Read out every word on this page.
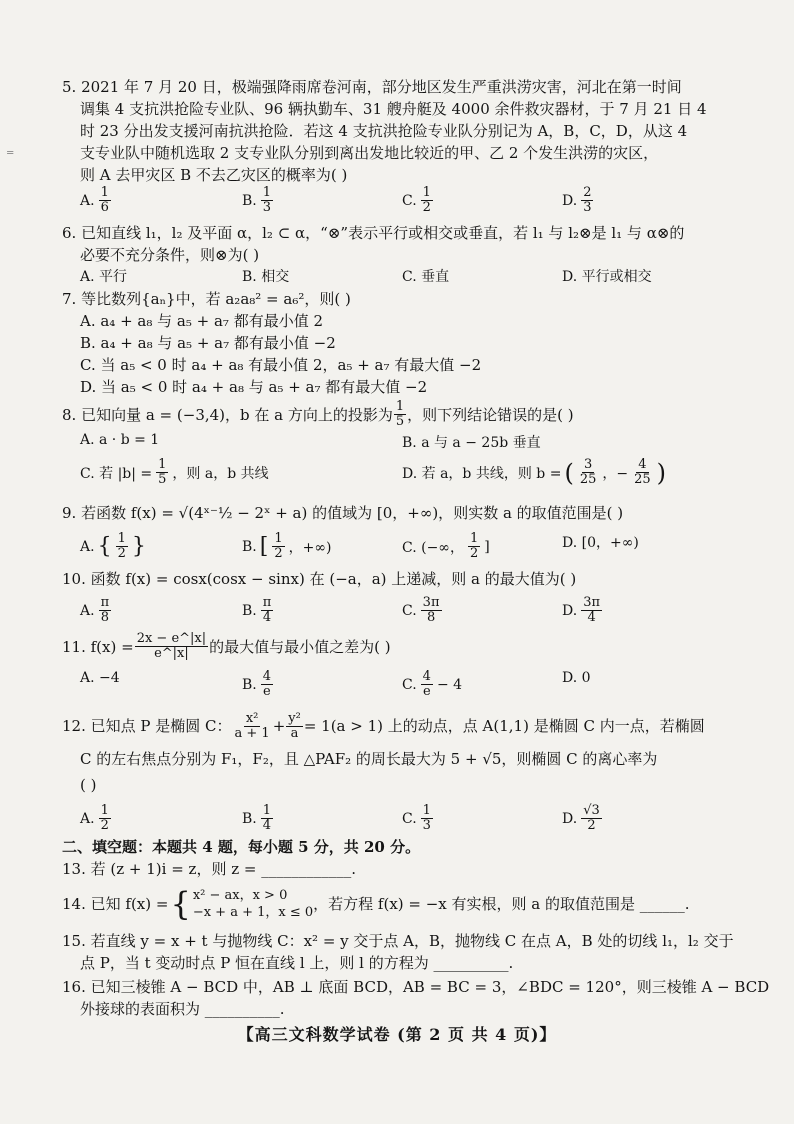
=
5. 2021 年 7 月 20 日，极端强降雨席卷河南，部分地区发生严重洪涝灾害，河北在第一时间
调集 4 支抗洪抢险专业队、96 辆执勤车、31 艘舟艇及 4000 余件救灾器材，于 7 月 21 日 4
时 23 分出发支援河南抗洪抢险．若这 4 支抗洪抢险专业队分别记为 A，B，C，D，从这 4
支专业队中随机选取 2 支专业队分别到离出发地比较近的甲、乙 2 个发生洪涝的灾区，
则 A 去甲灾区 B 不去乙灾区的概率为( )
A. $\frac{1}{6}$	B. $\frac{1}{3}$	C. $\frac{1}{2}$	D. $\frac{2}{3}$
6. 已知直线 l₁，l₂ 及平面 α，l₂ ⊂ α，“⊗”表示平行或相交或垂直，若 l₁ 与 l₂⊗是 l₁ 与 α⊗的
必要不充分条件，则⊗为( )
A. 平行	B. 相交	C. 垂直	D. 平行或相交
7. 等比数列{aₙ}中，若 a₂a₈² = a₆²，则( )
A. a₄ + a₈ 与 a₅ + a₇ 都有最小值 2
B. a₄ + a₈ 与 a₅ + a₇ 都有最小值 −2
C. 当 a₅ < 0 时 a₄ + a₈ 有最小值 2，a₅ + a₇ 有最大值 −2
D. 当 a₅ < 0 时 a₄ + a₈ 与 a₅ + a₇ 都有最大值 −2
8. 已知向量 a = (−3,4)，b 在 a 方向上的投影为 $\frac{1}{5}$ ，则下列结论错误的是( )
A. a · b = 1	B. a 与 a − 25b 垂直
C. 若 $|b| = \frac{1}{5}$ ，则 a，b 共线	D. 若 a，b 共线，则 b = ( $\frac{3}{25}$ ，− $\frac{4}{25}$ )
9. 若函数 f(x) = √(4ˣ⁻½ − 2ˣ + a) 的值域为 [0，+∞)，则实数 a 的取值范围是( )
A. { $\frac{1}{2}$ }	B. [ $\frac{1}{2}$ ，+∞)	C. (−∞， $\frac{1}{2}$ ]	D. [0，+∞)
10. 函数 f(x) = cosx(cosx − sinx) 在 (−a，a) 上递减，则 a 的最大值为( )
A. $\frac{\pi}{8}$	B. $\frac{\pi}{4}$	C. $\frac{3\pi}{8}$	D. $\frac{3\pi}{4}$
11. $f(x) = \frac{2x - e\^{}|x|}{e\^{}|x|}$ 的最大值与最小值之差为( )
A. −4	B. $\frac{4}{e}$	C. $\frac{4}{e} - 4$	D. 0
12. 已知点 P 是椭圆 C： $\frac{\text{x²}}{a + 1} + \frac{\text{y²}}{a} = 1(a > 1)$ 上的动点，点 A(1,1) 是椭圆 C 内一点，若椭圆
C 的左右焦点分别为 F₁，F₂，且 △PAF₂ 的周长最大为 5 + √5，则椭圆 C 的离心率为
( )
A. $\frac{1}{2}$	B. $\frac{1}{4}$	C. $\frac{1}{3}$	D. $\frac{√3}{2}$
二、填空题：本题共 4 题，每小题 5 分，共 20 分。
13. 若 (z + 1)i = z，则 z = ____________.
14. 已知 f(x) = { x² − ax，x > 0
−x + a + 1，x ≤ 0 ，若方程 f(x) = −x 有实根，则 a 的取值范围是 ______.
15. 若直线 y = x + t 与抛物线 C：x² = y 交于点 A，B，抛物线 C 在点 A，B 处的切线 l₁，l₂ 交于
点 P，当 t 变动时点 P 恒在直线 l 上，则 l 的方程为 __________.
16. 已知三棱锥 A − BCD 中，AB ⊥ 底面 BCD，AB = BC = 3，∠BDC = 120°，则三棱锥 A − BCD
外接球的表面积为 __________.
【高三文科数学试卷 (第 2 页 共 4 页)】
